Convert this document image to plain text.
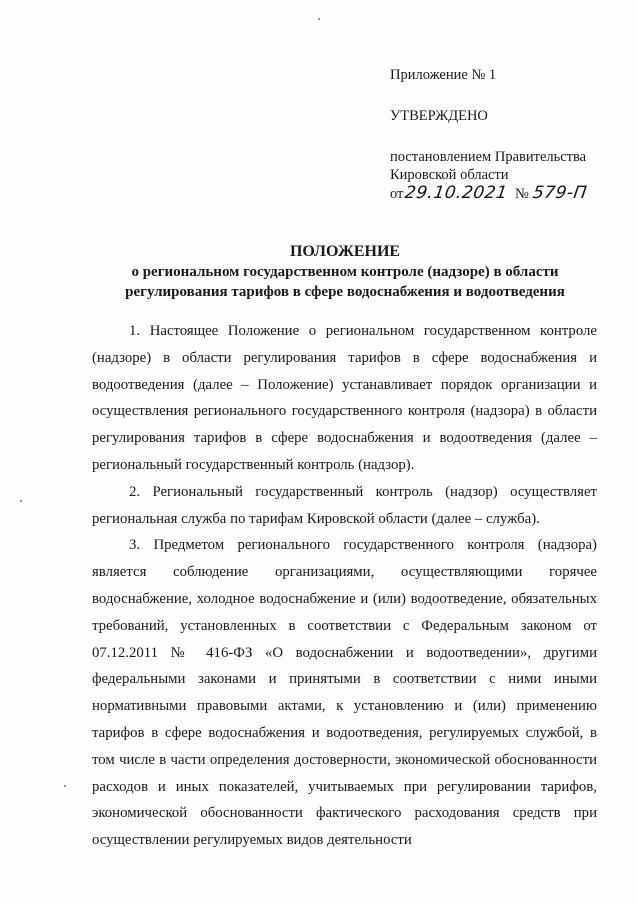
Приложение № 1

УТВЕРЖДЕНО

постановлением Правительства

Кировской области

от29.10.2021 № 579-П

ПОЛОЖЕНИЕ
о региональном государственном контроле (надзоре) в области
регулирования тарифов в сфере водоснабжения и водоотведения

1. Настоящее Положение о региональном государственном контроле (надзоре) в области регулирования тарифов в сфере водоснабжения и водоотведения (далее – Положение) устанавливает порядок организации и осуществления регионального государственного контроля (надзора) в области регулирования тарифов в сфере водоснабжения и водоотведения (далее – региональный государственный контроль (надзор).

2. Региональный государственный контроль (надзор) осуществляет региональная служба по тарифам Кировской области (далее – служба).

3. Предметом регионального государственного контроля (надзора) является соблюдение организациями, осуществляющими горячее водоснабжение, холодное водоснабжение и (или) водоотведение, обязательных требований, установленных в соответствии с Федеральным законом от 07.12.2011 № 416-ФЗ «О водоснабжении и водоотведении», другими федеральными законами и принятыми в соответствии с ними иными нормативными правовыми актами, к установлению и (или) применению тарифов в сфере водоснабжения и водоотведения, регулируемых службой, в том числе в части определения достоверности, экономической обоснованности расходов и иных показателей, учитываемых при регулировании тарифов, экономической обоснованности фактического расходования средств при осуществлении регулируемых видов деятельности
